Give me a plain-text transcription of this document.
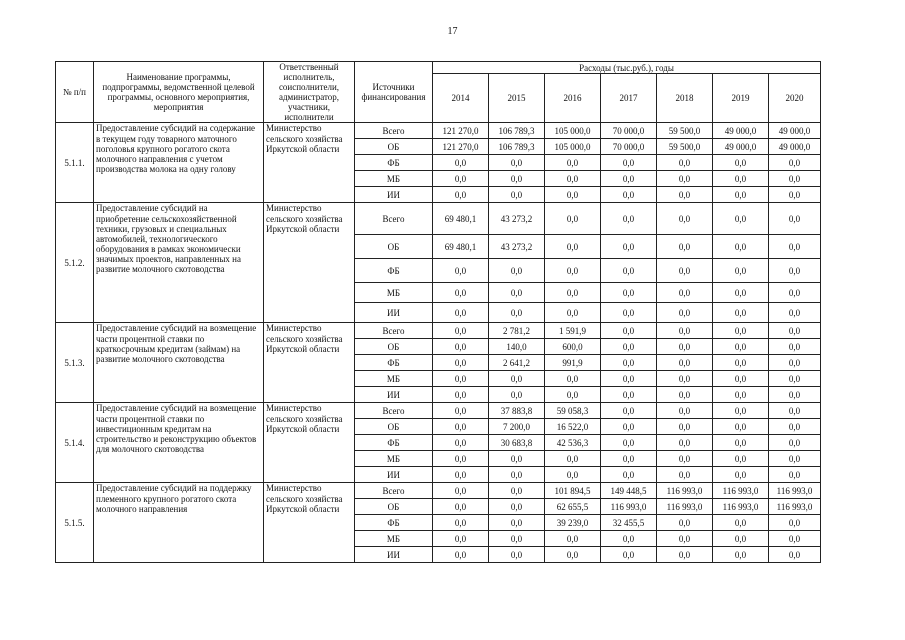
17
№ п/п	Наименование программы, подпрограммы, ведомственной целевой программы, основного мероприятия, мероприятия	Ответственный исполнитель, соисполнители, администратор, участники, исполнители	Источники финансирования	Расходы (тыс.руб.), годы						
				2014	2015	2016	2017	2018	2019	2020
5.1.1.	Предоставление субсидий на содержание в текущем году товарного маточного поголовья крупного рогатого скота молочного направления с учетом производства молока на одну голову	Министерство сельского хозяйства Иркутской области	Всего	121 270,0	106 789,3	105 000,0	70 000,0	59 500,0	49 000,0	49 000,0
			ОБ	121 270,0	106 789,3	105 000,0	70 000,0	59 500,0	49 000,0	49 000,0
			ФБ	0,0	0,0	0,0	0,0	0,0	0,0	0,0
			МБ	0,0	0,0	0,0	0,0	0,0	0,0	0,0
			ИИ	0,0	0,0	0,0	0,0	0,0	0,0	0,0
5.1.2.	Предоставление субсидий на приобретение сельскохозяйственной техники, грузовых и специальных автомобилей, технологического оборудования в рамках экономически значимых проектов, направленных на развитие молочного скотоводства	Министерство сельского хозяйства Иркутской области	Всего	69 480,1	43 273,2	0,0	0,0	0,0	0,0	0,0
			ОБ	69 480,1	43 273,2	0,0	0,0	0,0	0,0	0,0
			ФБ	0,0	0,0	0,0	0,0	0,0	0,0	0,0
			МБ	0,0	0,0	0,0	0,0	0,0	0,0	0,0
			ИИ	0,0	0,0	0,0	0,0	0,0	0,0	0,0
5.1.3.	Предоставление субсидий на возмещение части процентной ставки по краткосрочным кредитам (займам) на развитие молочного скотоводства	Министерство сельского хозяйства Иркутской области	Всего	0,0	2 781,2	1 591,9	0,0	0,0	0,0	0,0
			ОБ	0,0	140,0	600,0	0,0	0,0	0,0	0,0
			ФБ	0,0	2 641,2	991,9	0,0	0,0	0,0	0,0
			МБ	0,0	0,0	0,0	0,0	0,0	0,0	0,0
			ИИ	0,0	0,0	0,0	0,0	0,0	0,0	0,0
5.1.4.	Предоставление субсидий на возмещение части процентной ставки по инвестиционным кредитам на строительство и реконструкцию объектов для молочного скотоводства	Министерство сельского хозяйства Иркутской области	Всего	0,0	37 883,8	59 058,3	0,0	0,0	0,0	0,0
			ОБ	0,0	7 200,0	16 522,0	0,0	0,0	0,0	0,0
			ФБ	0,0	30 683,8	42 536,3	0,0	0,0	0,0	0,0
			МБ	0,0	0,0	0,0	0,0	0,0	0,0	0,0
			ИИ	0,0	0,0	0,0	0,0	0,0	0,0	0,0
5.1.5.	Предоставление субсидий на поддержку племенного крупного рогатого скота молочного направления	Министерство сельского хозяйства Иркутской области	Всего	0,0	0,0	101 894,5	149 448,5	116 993,0	116 993,0	116 993,0
			ОБ	0,0	0,0	62 655,5	116 993,0	116 993,0	116 993,0	116 993,0
			ФБ	0,0	0,0	39 239,0	32 455,5	0,0	0,0	0,0
			МБ	0,0	0,0	0,0	0,0	0,0	0,0	0,0
			ИИ	0,0	0,0	0,0	0,0	0,0	0,0	0,0
